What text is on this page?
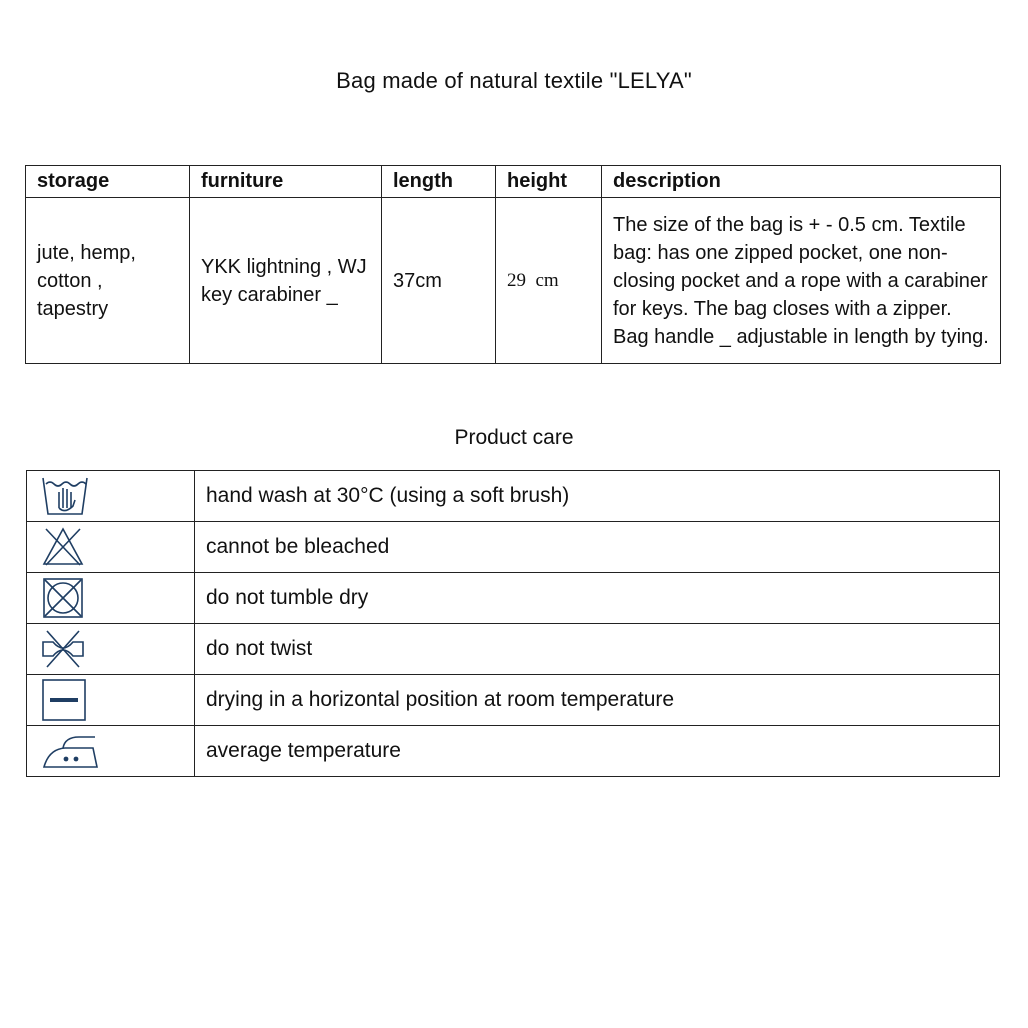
Bag made of natural textile "LELYA"
storage	furniture	length	height	description
jute, hemp, cotton , tapestry	YKK lightning , WJ key carabiner _	37cm	29  cm	The size of the bag is + - 0.5 cm. Textile bag: has one zipped pocket, one non-closing pocket and a rope with a carabiner for keys. The bag closes with a zipper. Bag handle _ adjustable in length by tying.
Product care
	hand wash at 30°C (using a soft brush)

	cannot be bleached

	do not tumble dry

	do not twist

	drying in a horizontal position at room temperature

	average temperature
